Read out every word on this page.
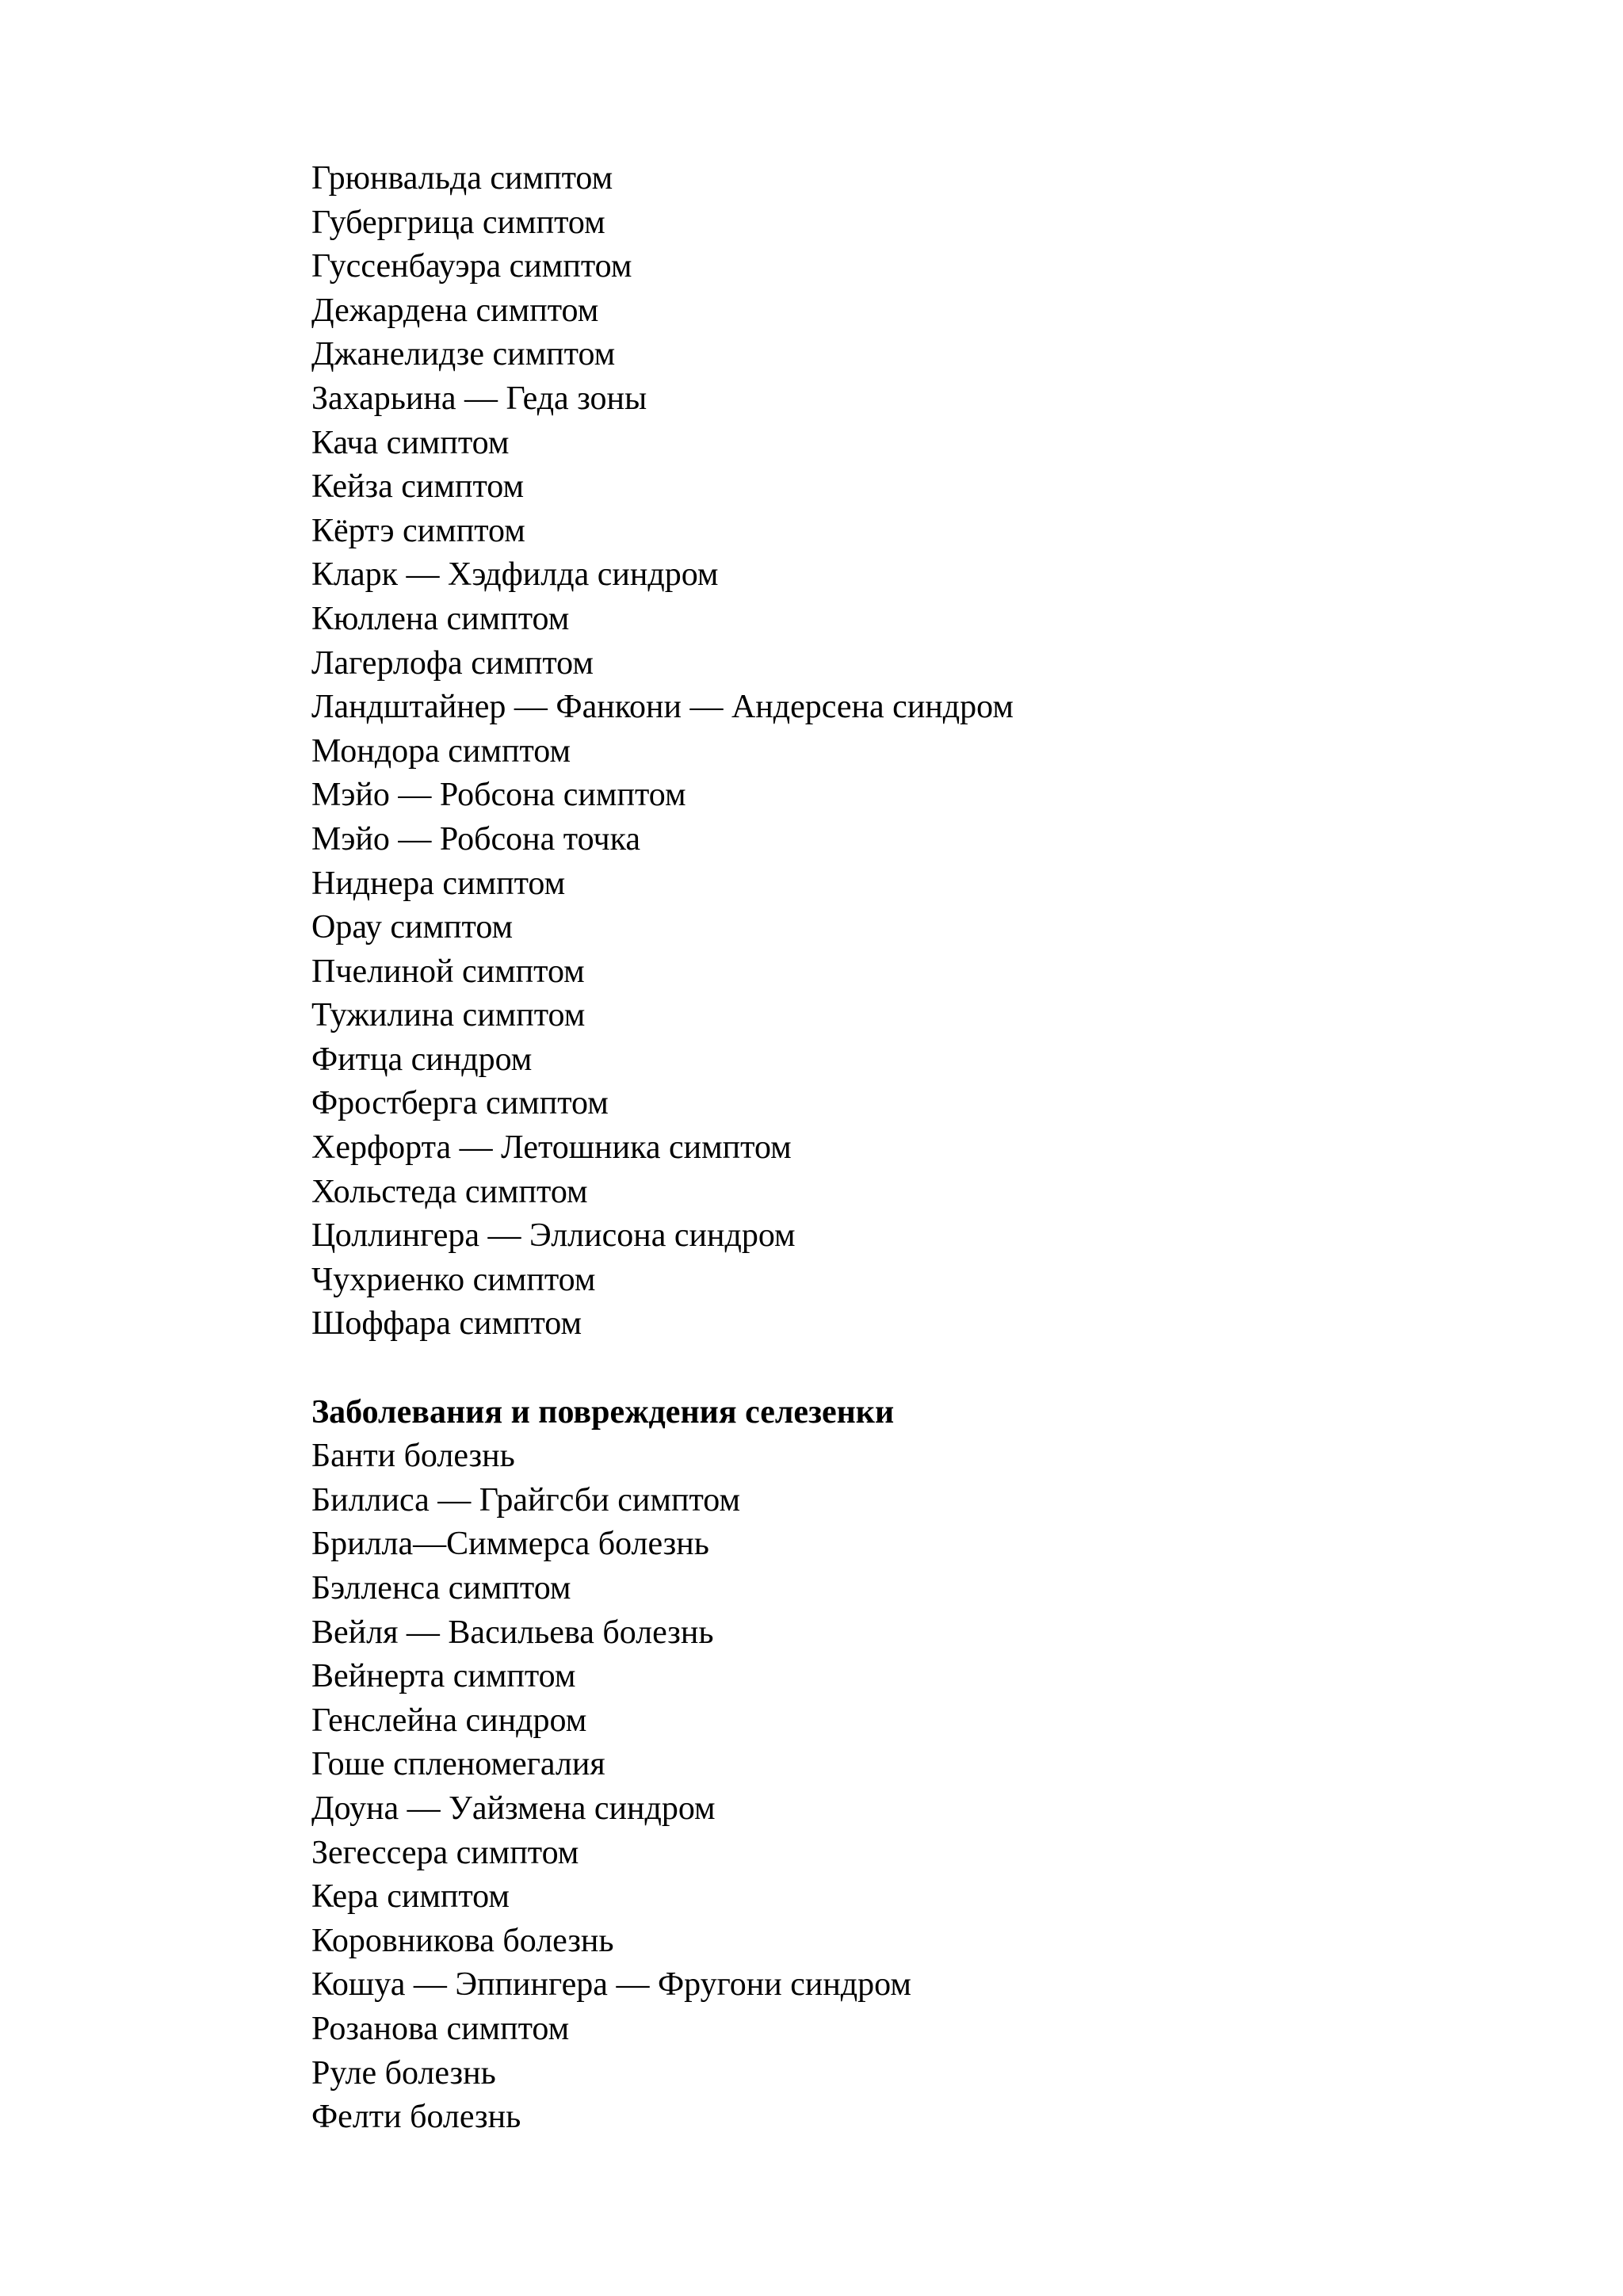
Грюнвальда симптом
Губергрица симптом
Гуссенбауэра симптом
Дежардена симптом
Джанелидзе симптом
Захарьина — Геда зоны
Кача симптом
Кейза симптом
Кёртэ симптом
Кларк — Хэдфилда синдром
Кюллена симптом
Лагерлофа симптом
Ландштайнер — Фанкони — Андерсена синдром
Мондора симптом
Мэйо — Робсона симптом
Мэйо — Робсона точка
Ниднера симптом
Орау симптом
Пчелиной симптом
Тужилина симптом
Фитца синдром
Фростберга симптом
Херфорта — Летошника симптом
Хольстеда симптом
Цоллингера — Эллисона синдром
Чухриенко симптом
Шоффара симптом
Заболевания и повреждения селезенки
Банти болезнь
Биллиса — Грайгсби симптом
Брилла—Симмерса болезнь
Бэлленса симптом
Вейля — Васильева болезнь
Вейнерта симптом
Генслейна синдром
Гоше спленомегалия
Доуна — Уайзмена синдром
Зегессера симптом
Кера симптом
Коровникова болезнь
Кошуа — Эппингера — Фругони синдром
Розанова симптом
Руле болезнь
Фелти болезнь
